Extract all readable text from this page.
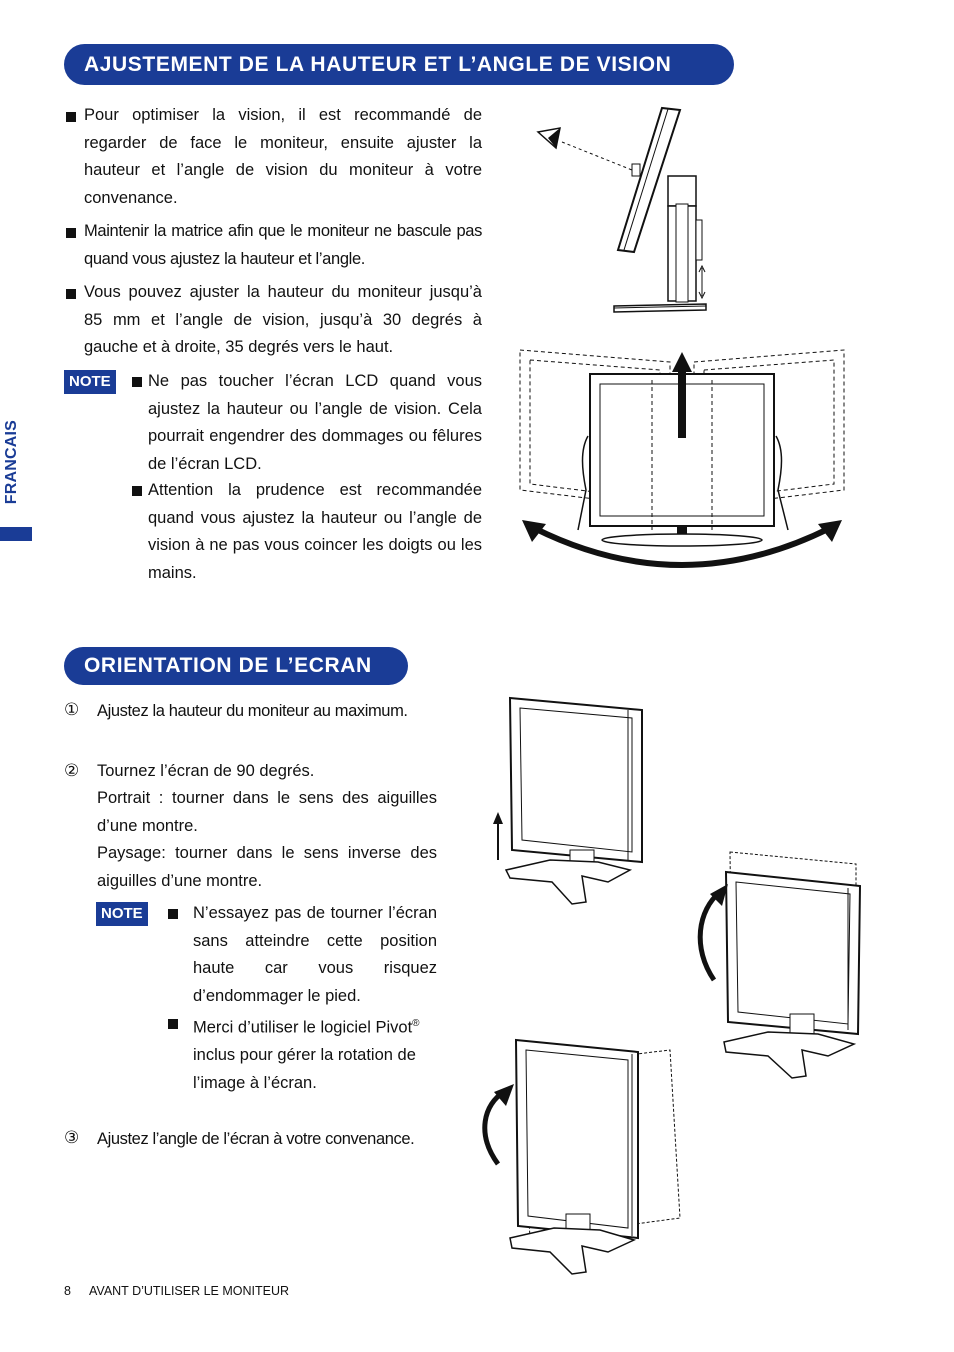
AJUSTEMENT DE LA HAUTEUR ET L’ANGLE DE VISION
Pour optimiser la vision, il est recommandé de regarder de face le moniteur, ensuite ajuster la hauteur et l’angle de vision du moniteur à votre convenance.
Maintenir la matrice afin que le moniteur ne bascule pas quand vous ajustez la hauteur et l’angle.
Vous pouvez ajuster la hauteur du moniteur jusqu’à 85 mm et l’angle de vision, jusqu’à 30 degrés à gauche et à droite, 35 degrés vers le haut.
NOTE	Ne pas toucher l’écran LCD quand vous ajustez la hauteur ou l’angle de vision. Cela pourrait engendrer des dommages ou fêlures de l’écran LCD.
Attention la prudence est recommandée quand vous ajustez la hauteur ou l’angle de vision à ne pas vous coincer les doigts ou les mains.
FRANCAIS
ORIENTATION DE L’ECRAN
① Ajustez la hauteur du moniteur au maximum.
② Tournez l’écran de 90 degrés.
Portrait : tourner dans le sens des aiguilles d’une montre.
Paysage: tourner dans le sens inverse des aiguilles d’une montre.
NOTE	N’essayez pas de tourner l’écran sans atteindre cette position haute car vous risquez d’endommager le pied.
Merci d’utiliser le logiciel Pivot®
inclus pour gérer la rotation de l’image à l’écran.
③ Ajustez l’angle de l’écran à votre convenance.
8 AVANT D’UTILISER LE MONITEUR
